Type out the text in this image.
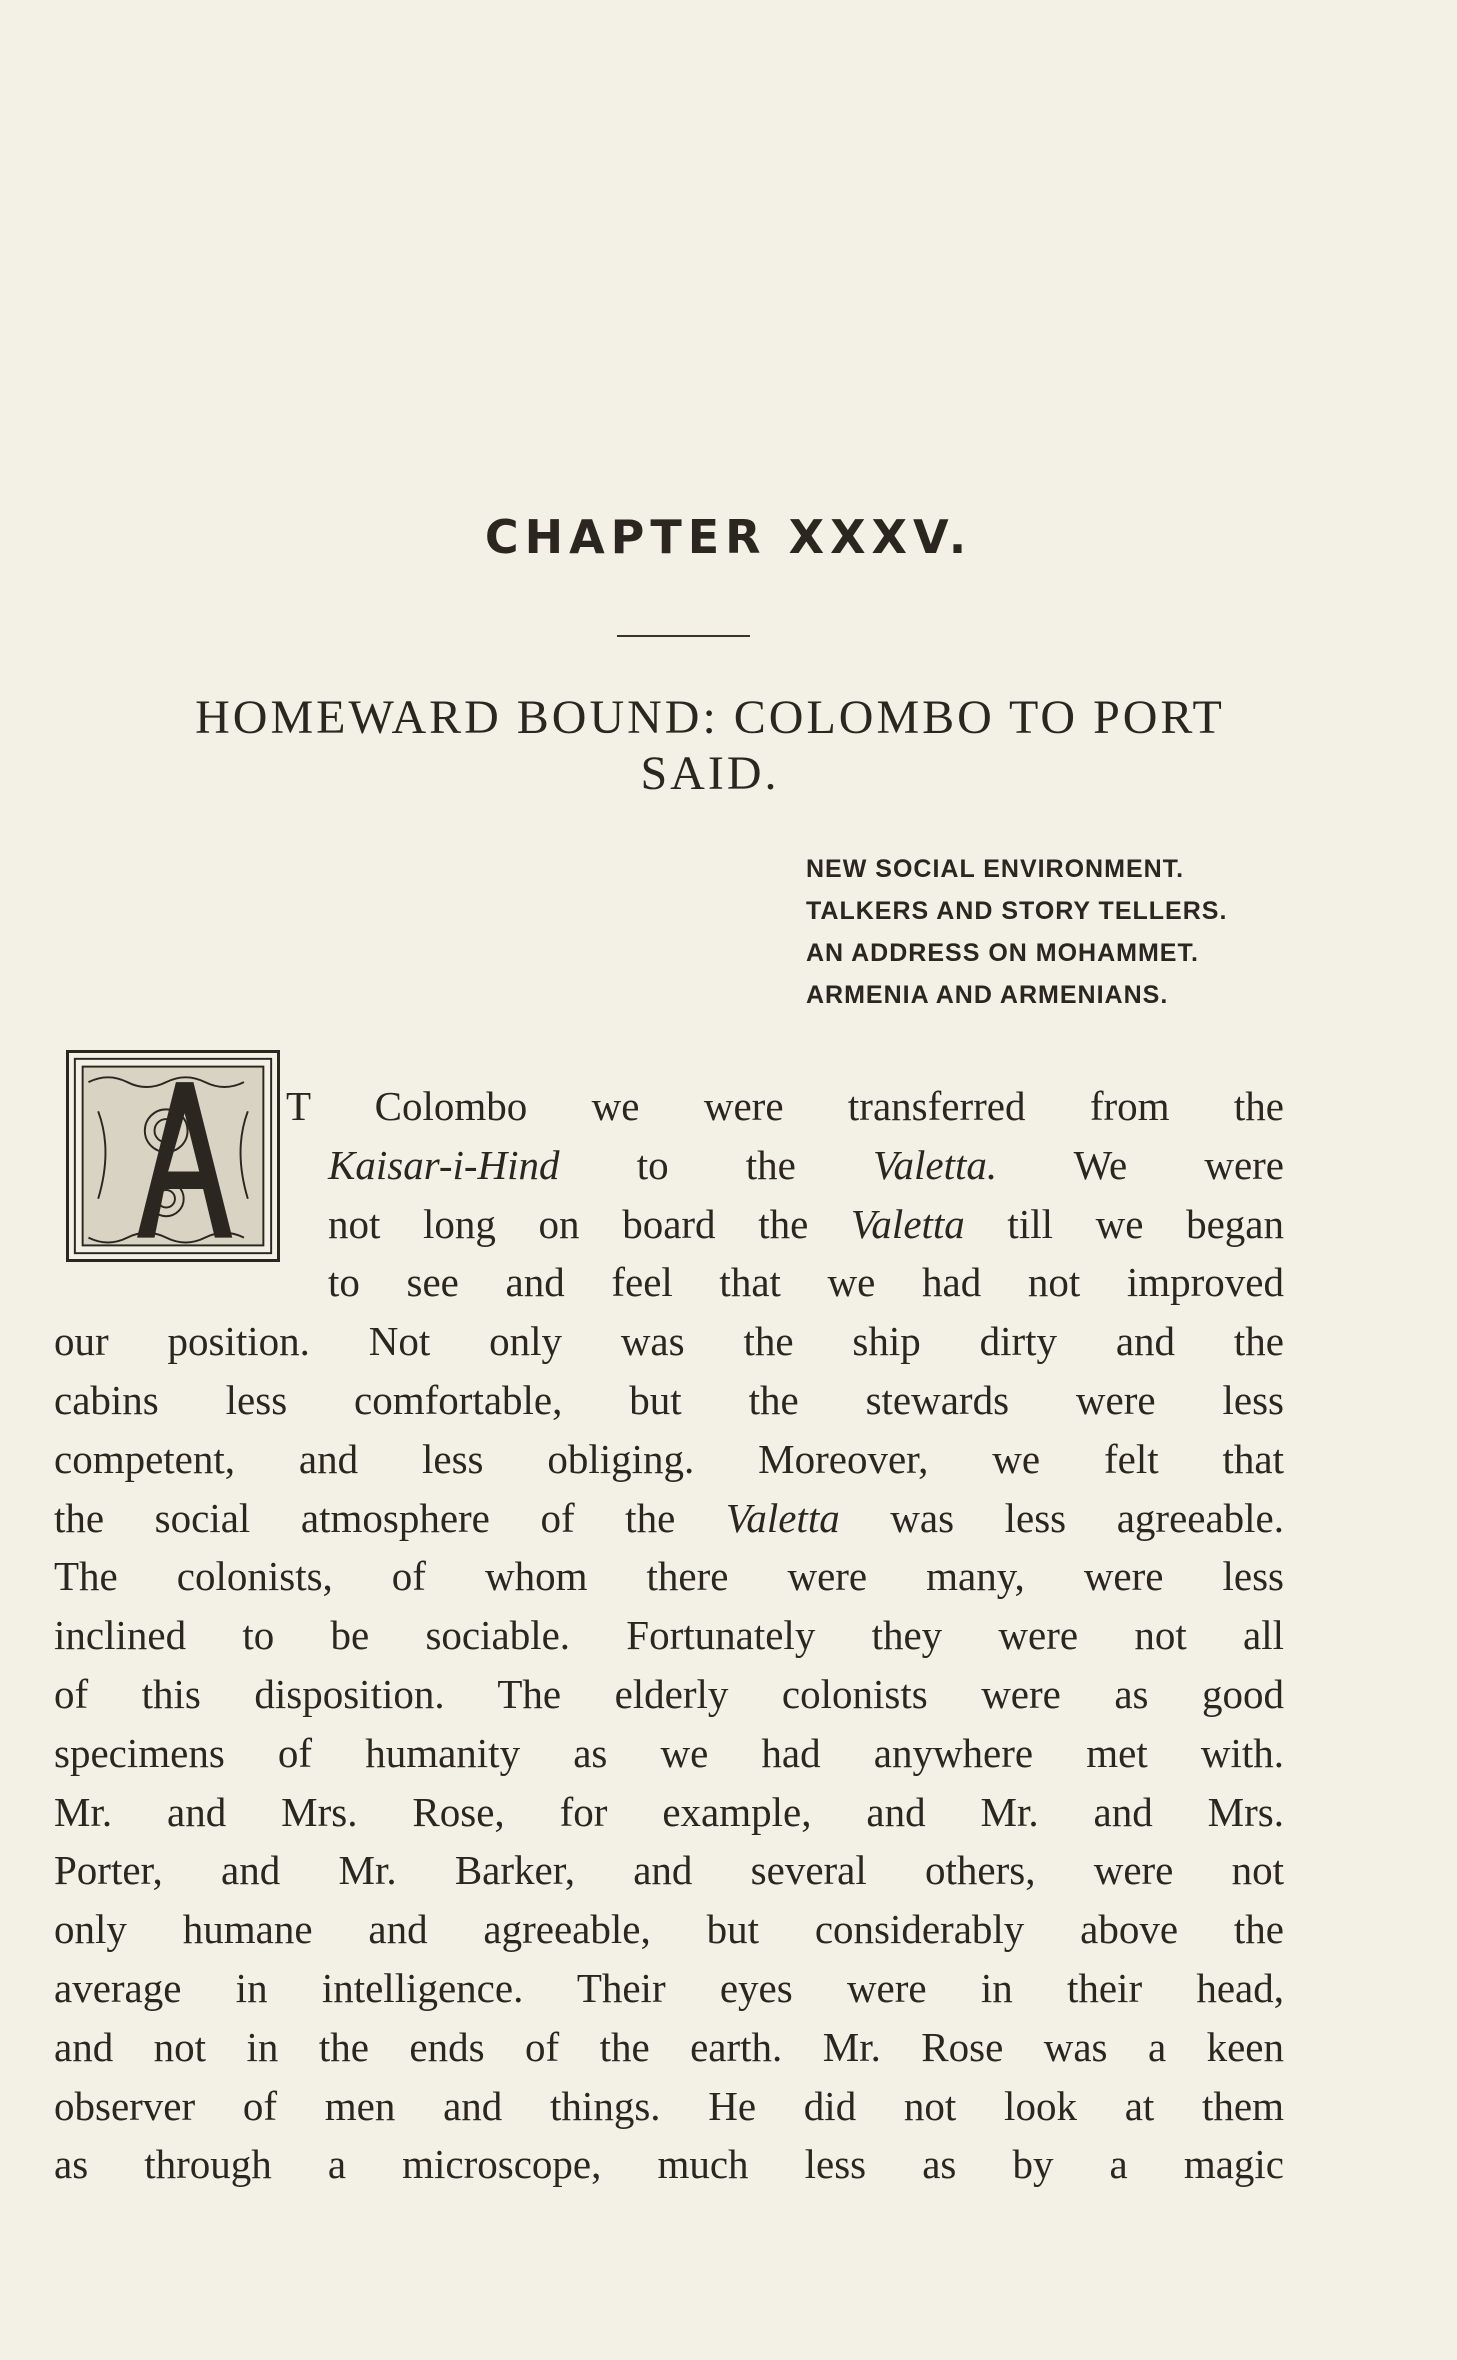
CHAPTER XXXV.
HOMEWARD BOUND: COLOMBO TO PORT SAID.
NEW SOCIAL ENVIRONMENT.
TALKERS AND STORY TELLERS.
AN ADDRESS ON MOHAMMET.
ARMENIA AND ARMENIANS.
T Colombo we were transferred from the
Kaisar-i-Hind to the Valetta. We were
not long on board the Valetta till we began
to see and feel that we had not improved
our position. Not only was the ship dirty and the
cabins less comfortable, but the stewards were less
competent, and less obliging. Moreover, we felt that
the social atmosphere of the Valetta was less agreeable.
The colonists, of whom there were many, were less
inclined to be sociable. Fortunately they were not all
of this disposition. The elderly colonists were as good
specimens of humanity as we had anywhere met with.
Mr. and Mrs. Rose, for example, and Mr. and Mrs.
Porter, and Mr. Barker, and several others, were not
only humane and agreeable, but considerably above the
average in intelligence. Their eyes were in their head,
and not in the ends of the earth. Mr. Rose was a keen
observer of men and things. He did not look at them
as through a microscope, much less as by a magic
